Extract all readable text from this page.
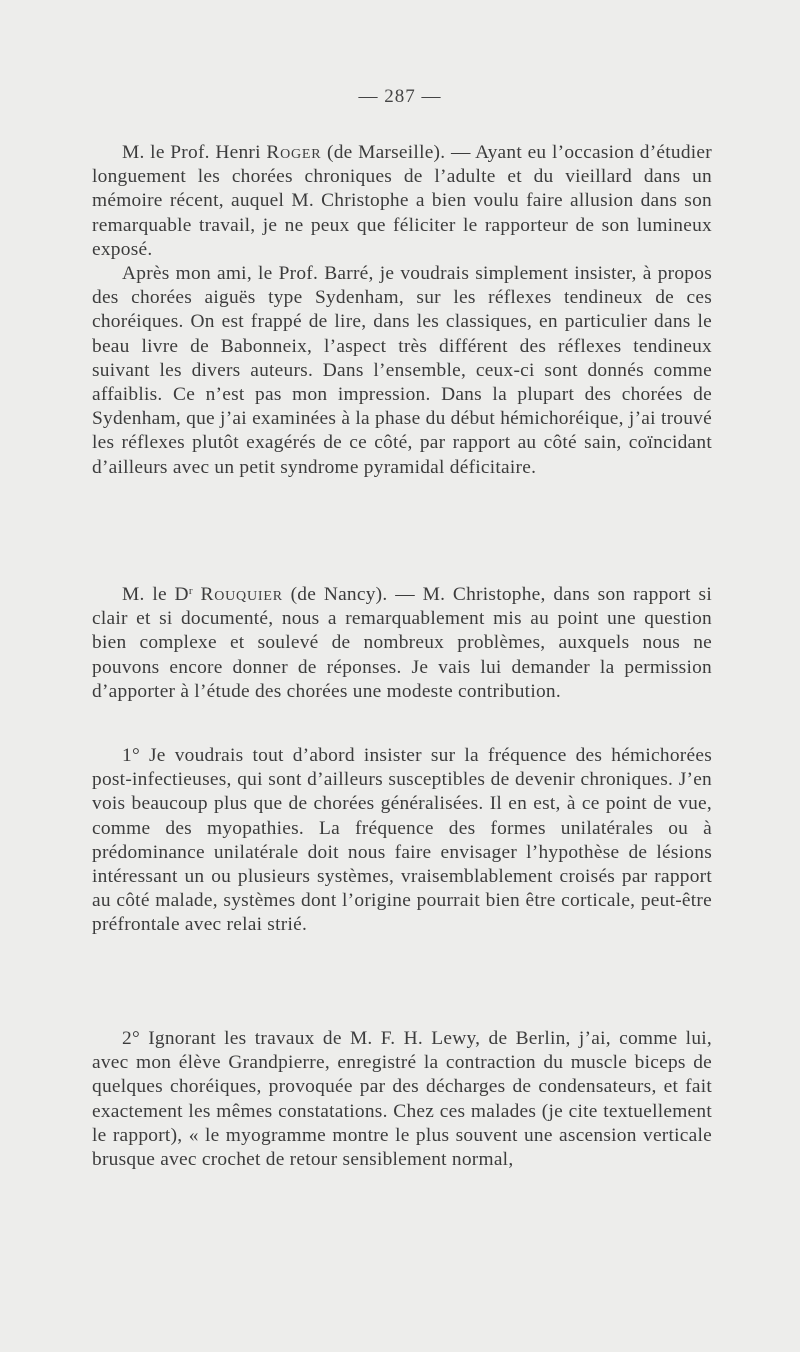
— 287 —

M. le Prof. Henri Roger (de Marseille). — Ayant eu l’occasion d’étudier longuement les chorées chroniques de l’adulte et du vieillard dans un mémoire récent, auquel M. Christophe a bien voulu faire allusion dans son remarquable travail, je ne peux que féliciter le rapporteur de son lumineux exposé.

Après mon ami, le Prof. Barré, je voudrais simplement insister, à propos des chorées aiguës type Sydenham, sur les réflexes tendineux de ces choréiques. On est frappé de lire, dans les classiques, en particulier dans le beau livre de Babonneix, l’aspect très différent des réflexes tendineux suivant les divers auteurs. Dans l’ensemble, ceux-ci sont donnés comme affaiblis. Ce n’est pas mon impression. Dans la plupart des chorées de Sydenham, que j’ai examinées à la phase du début hémichoréique, j’ai trouvé les réflexes plutôt exagérés de ce côté, par rapport au côté sain, coïncidant d’ailleurs avec un petit syndrome pyramidal déficitaire.

M. le $D^r$ Rouquier (de Nancy). — M. Christophe, dans son rapport si clair et si documenté, nous a remarquablement mis au point une question bien complexe et soulevé de nombreux problèmes, auxquels nous ne pouvons encore donner de réponses. Je vais lui demander la permission d’apporter à l’étude des chorées une modeste contribution.

1° Je voudrais tout d’abord insister sur la fréquence des hémichorées post-infectieuses, qui sont d’ailleurs susceptibles de devenir chroniques. J’en vois beaucoup plus que de chorées généralisées. Il en est, à ce point de vue, comme des myopathies. La fréquence des formes unilatérales ou à prédominance unilatérale doit nous faire envisager l’hypothèse de lésions intéressant un ou plusieurs systèmes, vraisemblablement croisés par rapport au côté malade, systèmes dont l’origine pourrait bien être corticale, peut-être préfrontale avec relai strié.

2° Ignorant les travaux de M. F. H. Lewy, de Berlin, j’ai, comme lui, avec mon élève Grandpierre, enregistré la contraction du muscle biceps de quelques choréiques, provoquée par des décharges de condensateurs, et fait exactement les mêmes constatations. Chez ces malades (je cite textuellement le rapport), « le myogramme montre le plus souvent une ascension verticale brusque avec crochet de retour sensiblement normal,
